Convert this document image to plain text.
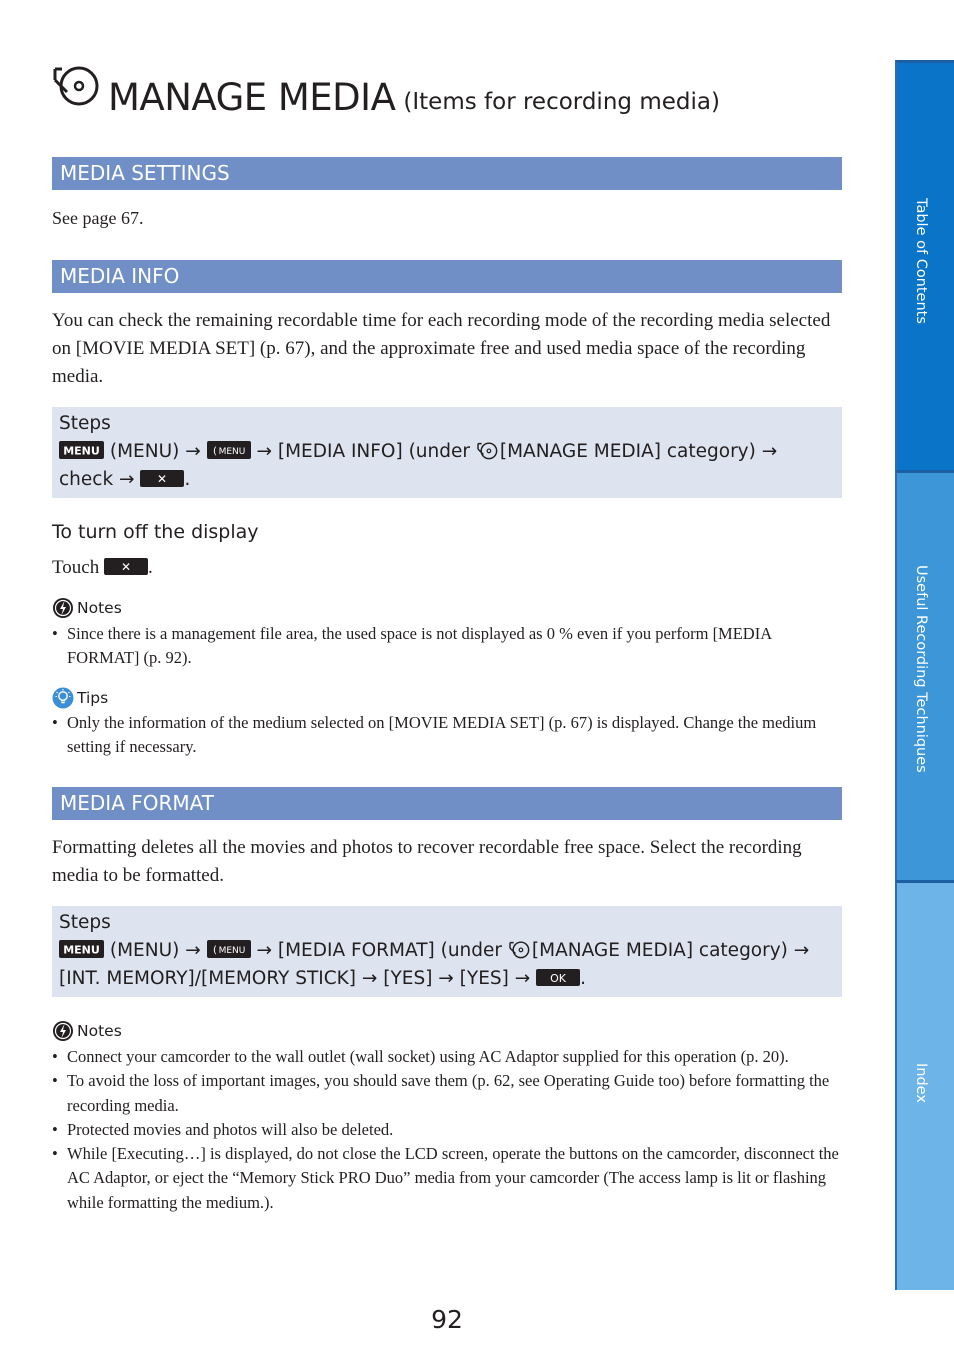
MANAGE MEDIA (Items for recording media)
MEDIA SETTINGS
See page 67.
MEDIA INFO
You can check the remaining recordable time for each recording mode of the recording media selected on [MOVIE MEDIA SET] (p. 67), and the approximate free and used media space of the recording media.
Steps
MENU (MENU) → ( MENU → [MEDIA INFO] (under [MANAGE MEDIA] category) →
check → ✕ .
To turn off the display
Touch ✕ .
Notes
• Since there is a management file area, the used space is not displayed as 0 % even if you perform [MEDIA FORMAT] (p. 92).
Tips
• Only the information of the medium selected on [MOVIE MEDIA SET] (p. 67) is displayed. Change the medium setting if necessary.
MEDIA FORMAT
Formatting deletes all the movies and photos to recover recordable free space. Select the recording media to be formatted.
Steps
MENU (MENU) → ( MENU → [MEDIA FORMAT] (under [MANAGE MEDIA] category) →
[INT. MEMORY]/[MEMORY STICK] → [YES] → [YES] → OK .
Notes
• Connect your camcorder to the wall outlet (wall socket) using AC Adaptor supplied for this operation (p. 20).
• To avoid the loss of important images, you should save them (p. 62, see Operating Guide too) before formatting the recording media.
• Protected movies and photos will also be deleted.
• While [Executing…] is displayed, do not close the LCD screen, operate the buttons on the camcorder, disconnect the AC Adaptor, or eject the “Memory Stick PRO Duo” media from your camcorder (The access lamp is lit or flashing while formatting the medium.).
Table of Contents
Useful Recording Techniques
Index
92
